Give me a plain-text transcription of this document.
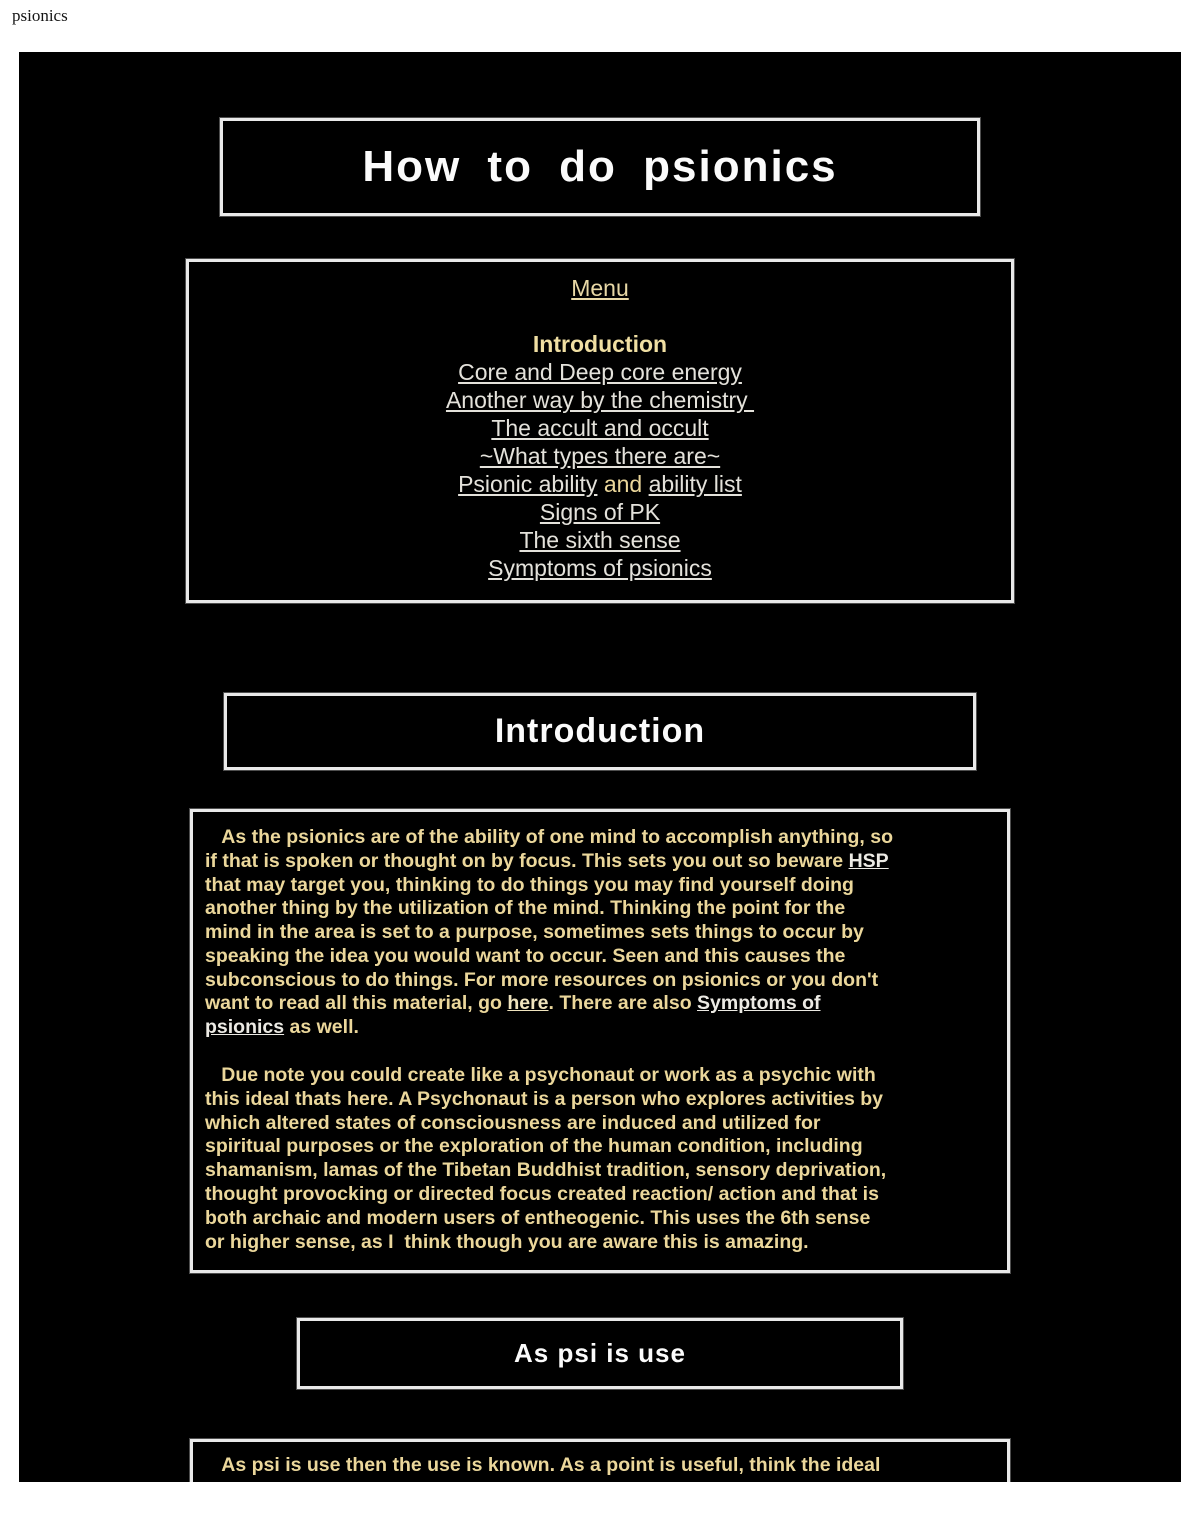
psionics
How to do psionics
Menu
Introduction
Core and Deep core energy
Another way by the chemistry
The accult and occult
~What types there are~
Psionic ability and ability list
Signs of PK
The sixth sense
Symptoms of psionics
Introduction
As the psionics are of the ability of one mind to accomplish anything, so
if that is spoken or thought on by focus. This sets you out so beware HSP
that may target you, thinking to do things you may find yourself doing
another thing by the utilization of the mind. Thinking the point for the
mind in the area is set to a purpose, sometimes sets things to occur by
speaking the idea you would want to occur. Seen and this causes the
subconscious to do things. For more resources on psionics or you don't
want to read all this material, go here. There are also Symptoms of
psionics as well.
Due note you could create like a psychonaut or work as a psychic with
this ideal thats here. A Psychonaut is a person who explores activities by
which altered states of consciousness are induced and utilized for
spiritual purposes or the exploration of the human condition, including
shamanism, lamas of the Tibetan Buddhist tradition, sensory deprivation,
thought provocking or directed focus created reaction/ action and that is
both archaic and modern users of entheogenic. This uses the 6th sense
or higher sense, as I  think though you are aware this is amazing.
As psi is use
As psi is use then the use is known. As a point is useful, think the ideal
